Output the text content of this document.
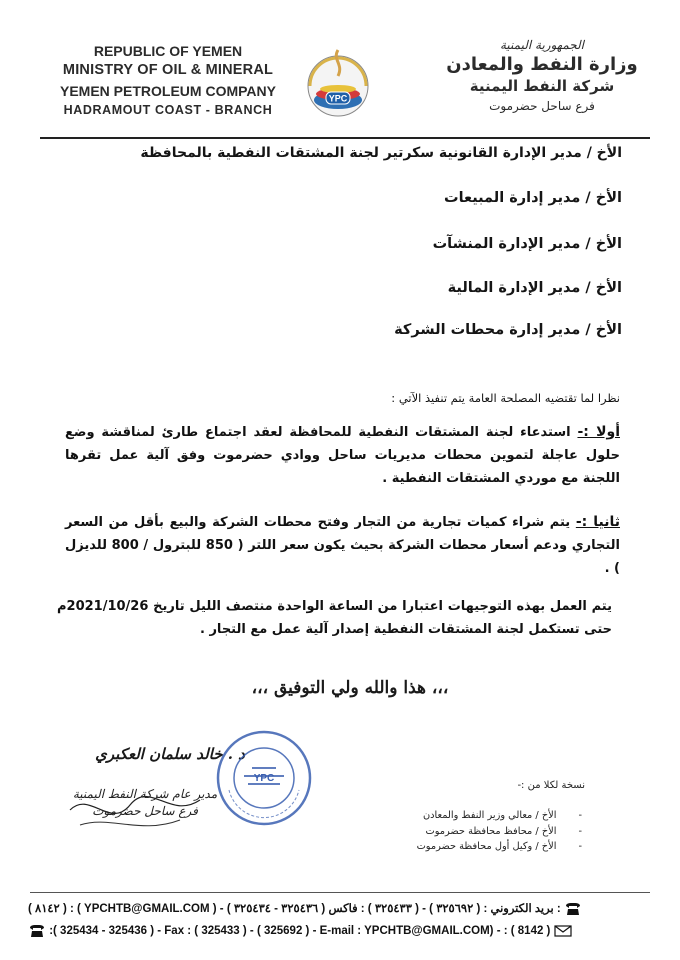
REPUBLIC OF YEMEN
MINISTRY OF OIL & MINERAL
YEMEN PETROLEUM COMPANY
HADRAMOUT COAST - BRANCH
YPC
الجمهورية اليمنية
وزارة النفط والمعادن
شركة النفط اليمنية
فرع ساحل حضرموت
الأخ / مدير الإدارة القانونية سكرتير لجنة المشتقات النفطية بالمحافظة
الأخ / مدير إدارة المبيعات
الأخ / مدير الإدارة المنشآت
الأخ / مدير الإدارة المالية
الأخ / مدير إدارة محطات الشركة
نظرا لما تقتضيه المصلحة العامة يتم تنفيذ الآتي :
أولا :- استدعاء لجنة المشتقات النفطية للمحافظة لعقد اجتماع طارئ لمناقشة وضع حلول عاجلة لتموين محطات مديريات ساحل ووادي حضرموت وفق آلية عمل تقرها اللجنة مع موردي المشتقات النفطية .
ثانيا :- يتم شراء كميات تجارية من التجار وفتح محطات الشركة والبيع بأقل من السعر التجاري ودعم أسعار محطات الشركة بحيث يكون سعر اللتر ( 850 للبترول / 800 للديزل ) .
يتم العمل بهذه التوجيهات اعتبارا من الساعة الواحدة منتصف الليل تاريخ 2021/10/26م حتى تستكمل لجنة المشتقات النفطية إصدار آلية عمل مع التجار .
،،، هذا والله ولي التوفيق ،،،
د . خالد سلمان العكبري
مدير عام شركة النفط اليمنية
فرع ساحل حضرموت
YPC
نسخة لكلا من :-
- الأخ / معالي وزير النفط والمعادن
- الأخ / محافظ محافظة حضرموت
- الأخ / وكيل أول محافظة حضرموت
( ٨١٤٢ ) : ( YPCHTB@GMAIL.COM ) - بريد الكتروني : ( ٣٢٥٦٩٢ ) - ( ٣٢٥٤٣٣ ) : فاكس ( ٣٢٥٤٣٦ - ٣٢٥٤٣٤ ) :
:( 325434 - 325436 ) - Fax : ( 325433 ) - ( 325692 ) - E-mail : YPCHTB@GMAIL.COM) - : ( 8142 )
